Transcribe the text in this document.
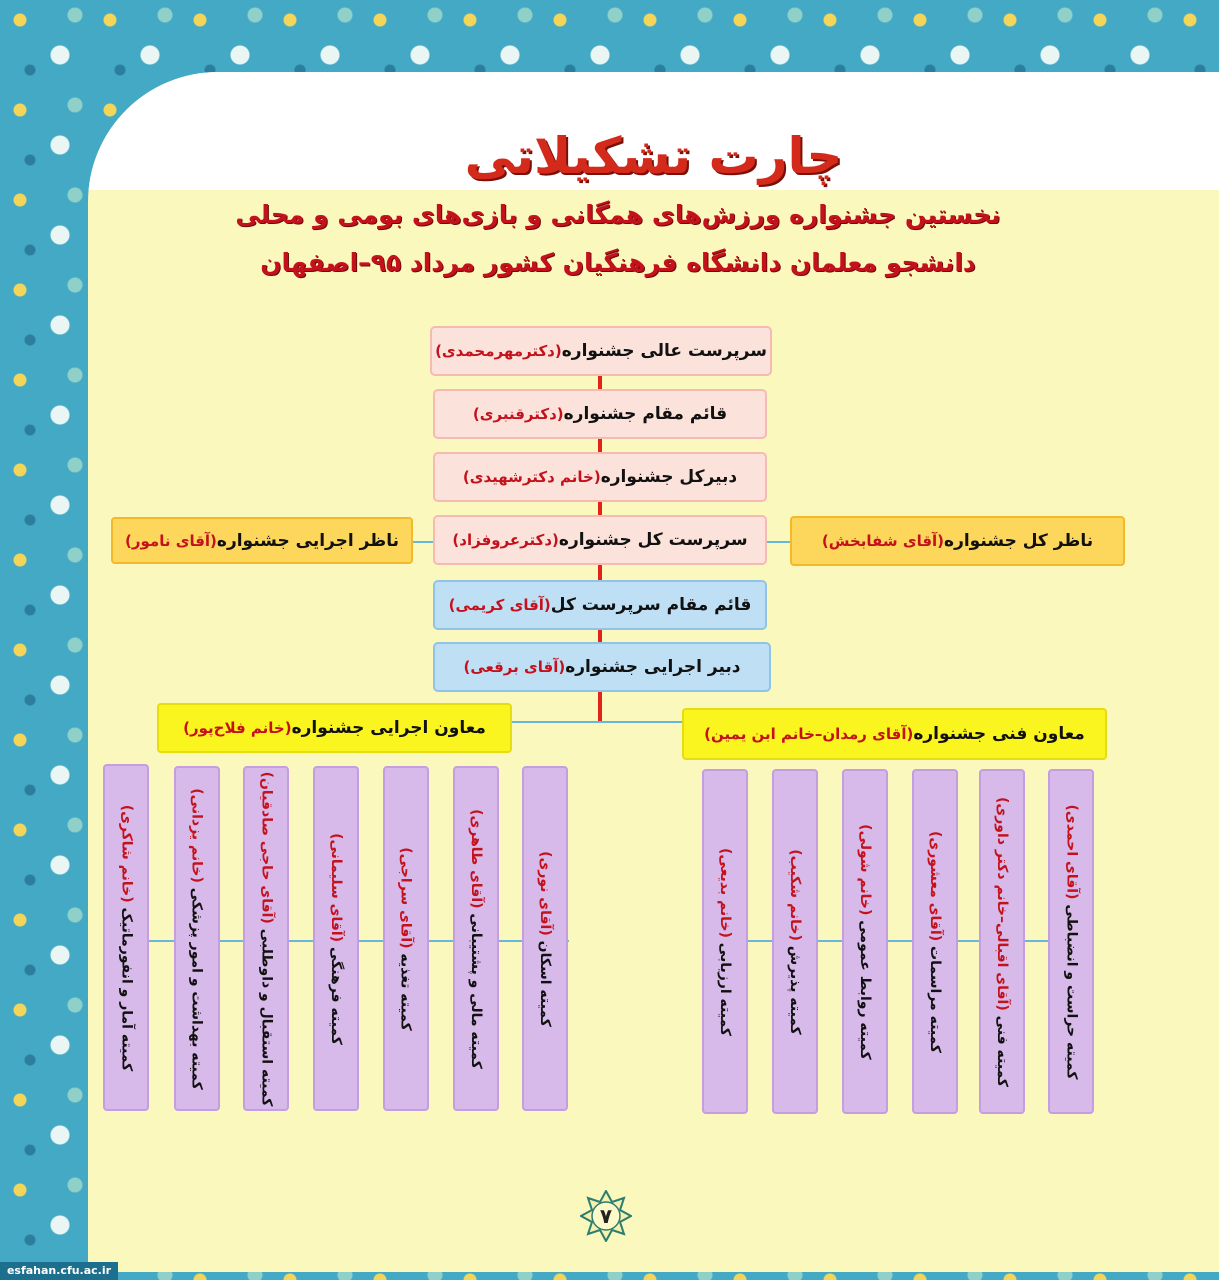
چارت تشکیلاتی
نخستین جشنواره ورزش‌های همگانی و بازی‌های بومی و محلی
دانشجو معلمان دانشگاه فرهنگیان کشور مرداد ۹۵–اصفهان
سرپرست عالی جشنواره
(دکترمهرمحمدی)
قائم مقام جشنواره
(دکترقنبری)
دبیرکل جشنواره
(خانم دکترشهیدی)
سرپرست کل جشنواره
(دکترعروفزاد)
قائم مقام سرپرست کل
(آقای کریمی)
دبیر اجرایی جشنواره
(آقای برقعی)
ناظر اجرایی جشنواره
(آقای نامور)	ناظر کل جشنواره
(آقای شفابخش)
معاون اجرایی جشنواره
(خانم فلاح‌پور)	معاون فنی جشنواره
(آقای رمدان–خانم ابن یمین)
کمیته آمار و انفورماتیک (خانم شاکری)
کمیته بهداشت و امور پزشکی (خانم یزدانی)
کمیته استقبال و داوطلبی (آقای حاجی صادقیان)
کمیته فرهنگی (آقای سلیمانی)
کمیته تغذیه (آقای سراجی)
کمیته مالی و پشتیبانی (آقای طاهری)
کمیته اسکان (آقای نوری)
کمیته ارزیابی (خانم بدیعی)
کمیته پذیرش (خانم شکیب)
کمیته روابط عمومی (خانم شولی)
کمیته مراسمات (آقای معشوری)
کمیته فنی (آقای اقبالی–خانم دکتر داوری)	کمیته حراست و انضباطی (آقای احمدی)
۷
esfahan.cfu.ac.ir
